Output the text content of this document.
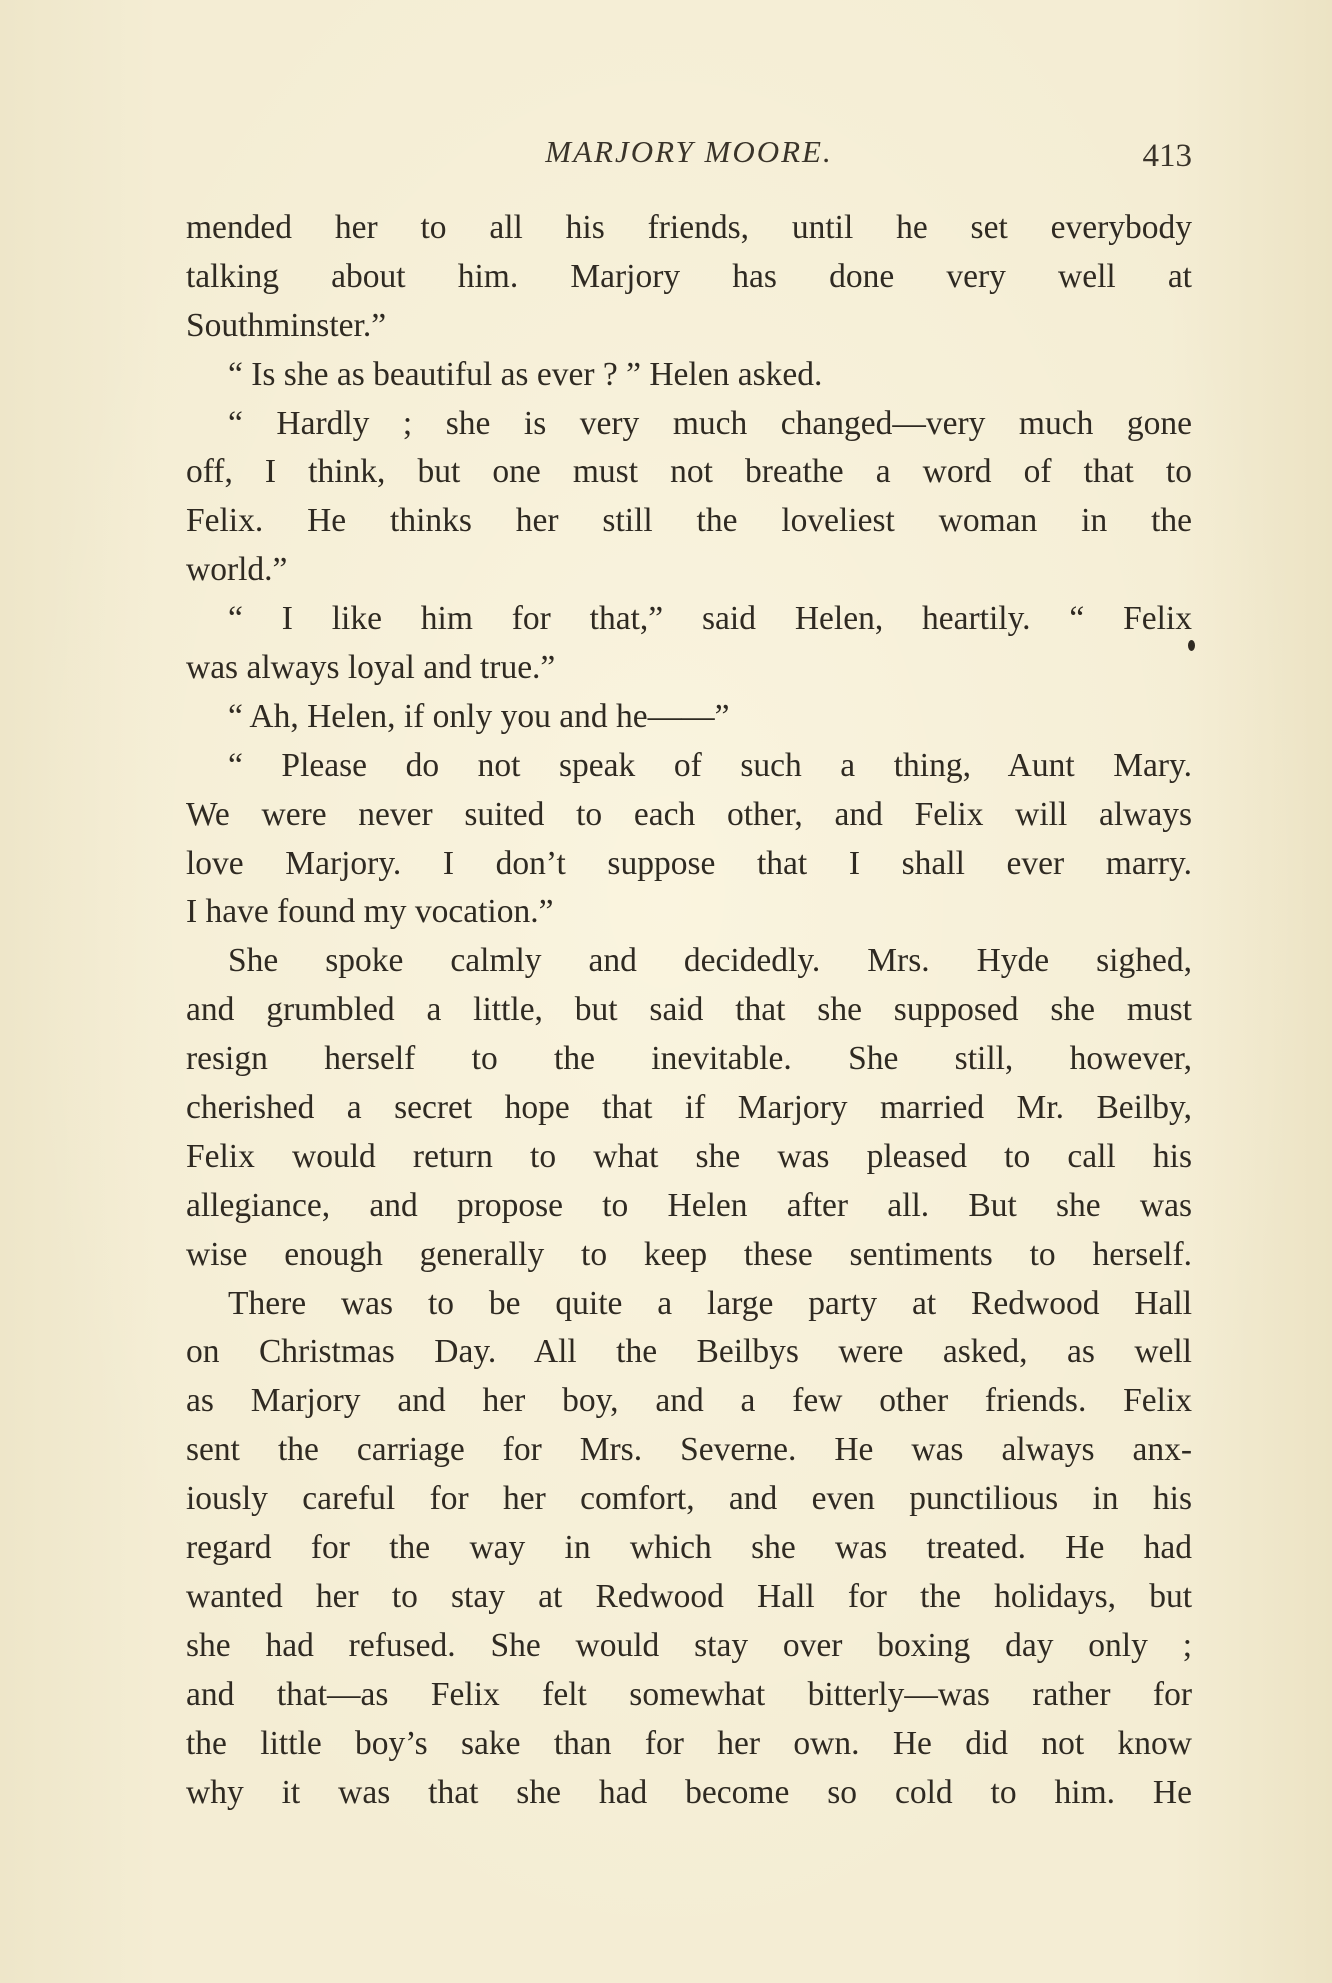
MARJORY MOORE.	413
mended her to all his friends, until he set everybody
talking about him. Marjory has done very well at
Southminster.”
“ Is she as beautiful as ever ? ” Helen asked.
“ Hardly ; she is very much changed—very much gone
off, I think, but one must not breathe a word of that to
Felix. He thinks her still the loveliest woman in the
world.”
“ I like him for that,” said Helen, heartily. “ Felix
was always loyal and true.”
“ Ah, Helen, if only you and he——”
“ Please do not speak of such a thing, Aunt Mary.
We were never suited to each other, and Felix will always
love Marjory. I don’t suppose that I shall ever marry.
I have found my vocation.”
She spoke calmly and decidedly. Mrs. Hyde sighed,
and grumbled a little, but said that she supposed she must
resign herself to the inevitable. She still, however,
cherished a secret hope that if Marjory married Mr. Beilby,
Felix would return to what she was pleased to call his
allegiance, and propose to Helen after all. But she was
wise enough generally to keep these sentiments to herself.
There was to be quite a large party at Redwood Hall
on Christmas Day. All the Beilbys were asked, as well
as Marjory and her boy, and a few other friends. Felix
sent the carriage for Mrs. Severne. He was always anx-
iously careful for her comfort, and even punctilious in his
regard for the way in which she was treated. He had
wanted her to stay at Redwood Hall for the holidays, but
she had refused. She would stay over boxing day only ;
and that—as Felix felt somewhat bitterly—was rather for
the little boy’s sake than for her own. He did not know
why it was that she had become so cold to him. He
